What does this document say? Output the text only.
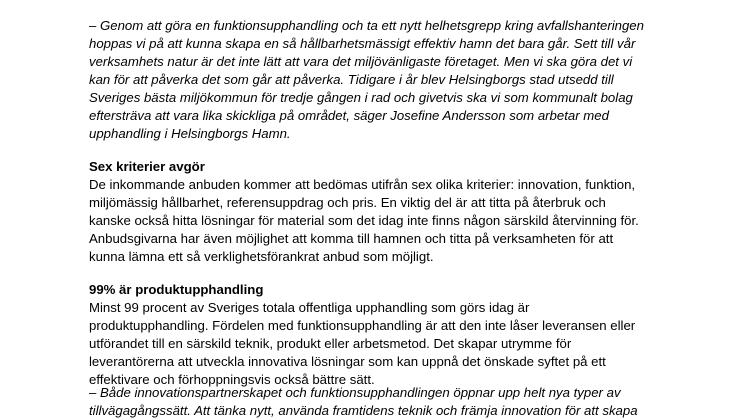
– Genom att göra en funktionsupphandling och ta ett nytt helhetsgrepp kring avfallshanteringen
hoppas vi på att kunna skapa en så hållbarhetsmässigt effektiv hamn det bara går. Sett till vår
verksamhets natur är det inte lätt att vara det miljövänligaste företaget. Men vi ska göra det vi
kan för att påverka det som går att påverka. Tidigare i år blev Helsingborgs stad utsedd till
Sveriges bästa miljökommun för tredje gången i rad och givetvis ska vi som kommunalt bolag
eftersträva att vara lika skickliga på området, säger Josefine Andersson som arbetar med
upphandling i Helsingborgs Hamn.
Sex kriterier avgör
De inkommande anbuden kommer att bedömas utifrån sex olika kriterier: innovation, funktion,
miljömässig hållbarhet, referensuppdrag och pris. En viktig del är att titta på återbruk och
kanske också hitta lösningar för material som det idag inte finns någon särskild återvinning för.
Anbudsgivarna har även möjlighet att komma till hamnen och titta på verksamheten för att
kunna lämna ett så verklighetsförankrat anbud som möjligt.
99% är produktupphandling
Minst 99 procent av Sveriges totala offentliga upphandling som görs idag är
produktupphandling. Fördelen med funktionsupphandling är att den inte låser leveransen eller
utförandet till en särskild teknik, produkt eller arbetsmetod. Det skapar utrymme för
leverantörerna att utveckla innovativa lösningar som kan uppnå det önskade syftet på ett
effektivare och förhoppningsvis också bättre sätt.
– Både innovationspartnerskapet och funktionsupphandlingen öppnar upp helt nya typer av
tillvägagångssätt. Att tänka nytt, använda framtidens teknik och främja innovation för att skapa
